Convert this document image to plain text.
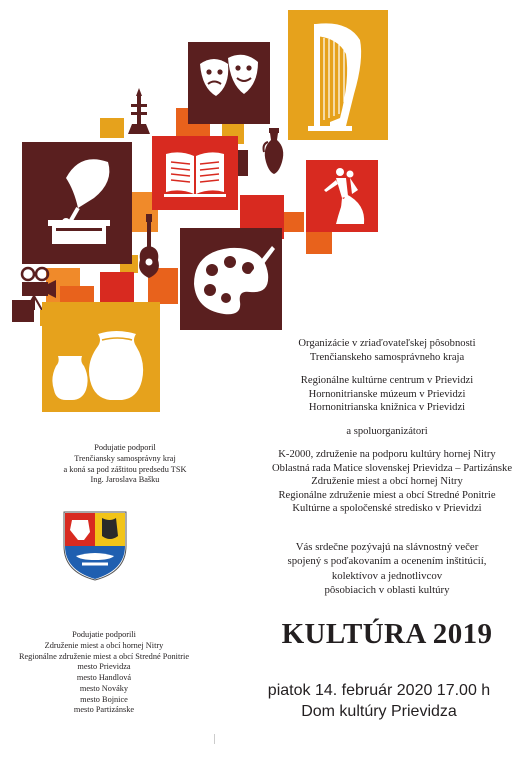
Organizácie v zriaďovateľskej pôsobnosti
Trenčianskeho samosprávneho kraja
Regionálne kultúrne centrum v Prievidzi
Hornonitrianske múzeum v Prievidzi
Hornonitrianska knižnica v Prievidzi
a spoluorganizátori
K-2000, združenie na podporu kultúry hornej Nitry
Oblastná rada Matice slovenskej Prievidza – Partizánske
Združenie miest a obcí hornej Nitry
Regionálne združenie miest a obcí Stredné Ponitrie
Kultúrne a spoločenské stredisko v Prievidzi
Vás srdečne pozývajú na slávnostný večer
spojený s poďakovaním a ocenením inštitúcií,
kolektívov a jednotlivcov
pôsobiacich v oblasti kultúry
KULTÚRA 2019
piatok 14. február 2020 17.00 h
Dom kultúry Prievidza
Podujatie podporil
Trenčiansky samosprávny kraj
a koná sa pod záštitou predsedu TSK
Ing. Jaroslava Bašku
Podujatie podporili
Združenie miest a obcí hornej Nitry
Regionálne združenie miest a obcí Stredné Ponitrie
mesto Prievidza
mesto Handlová
mesto Nováky
mesto Bojnice
mesto Partizánske
